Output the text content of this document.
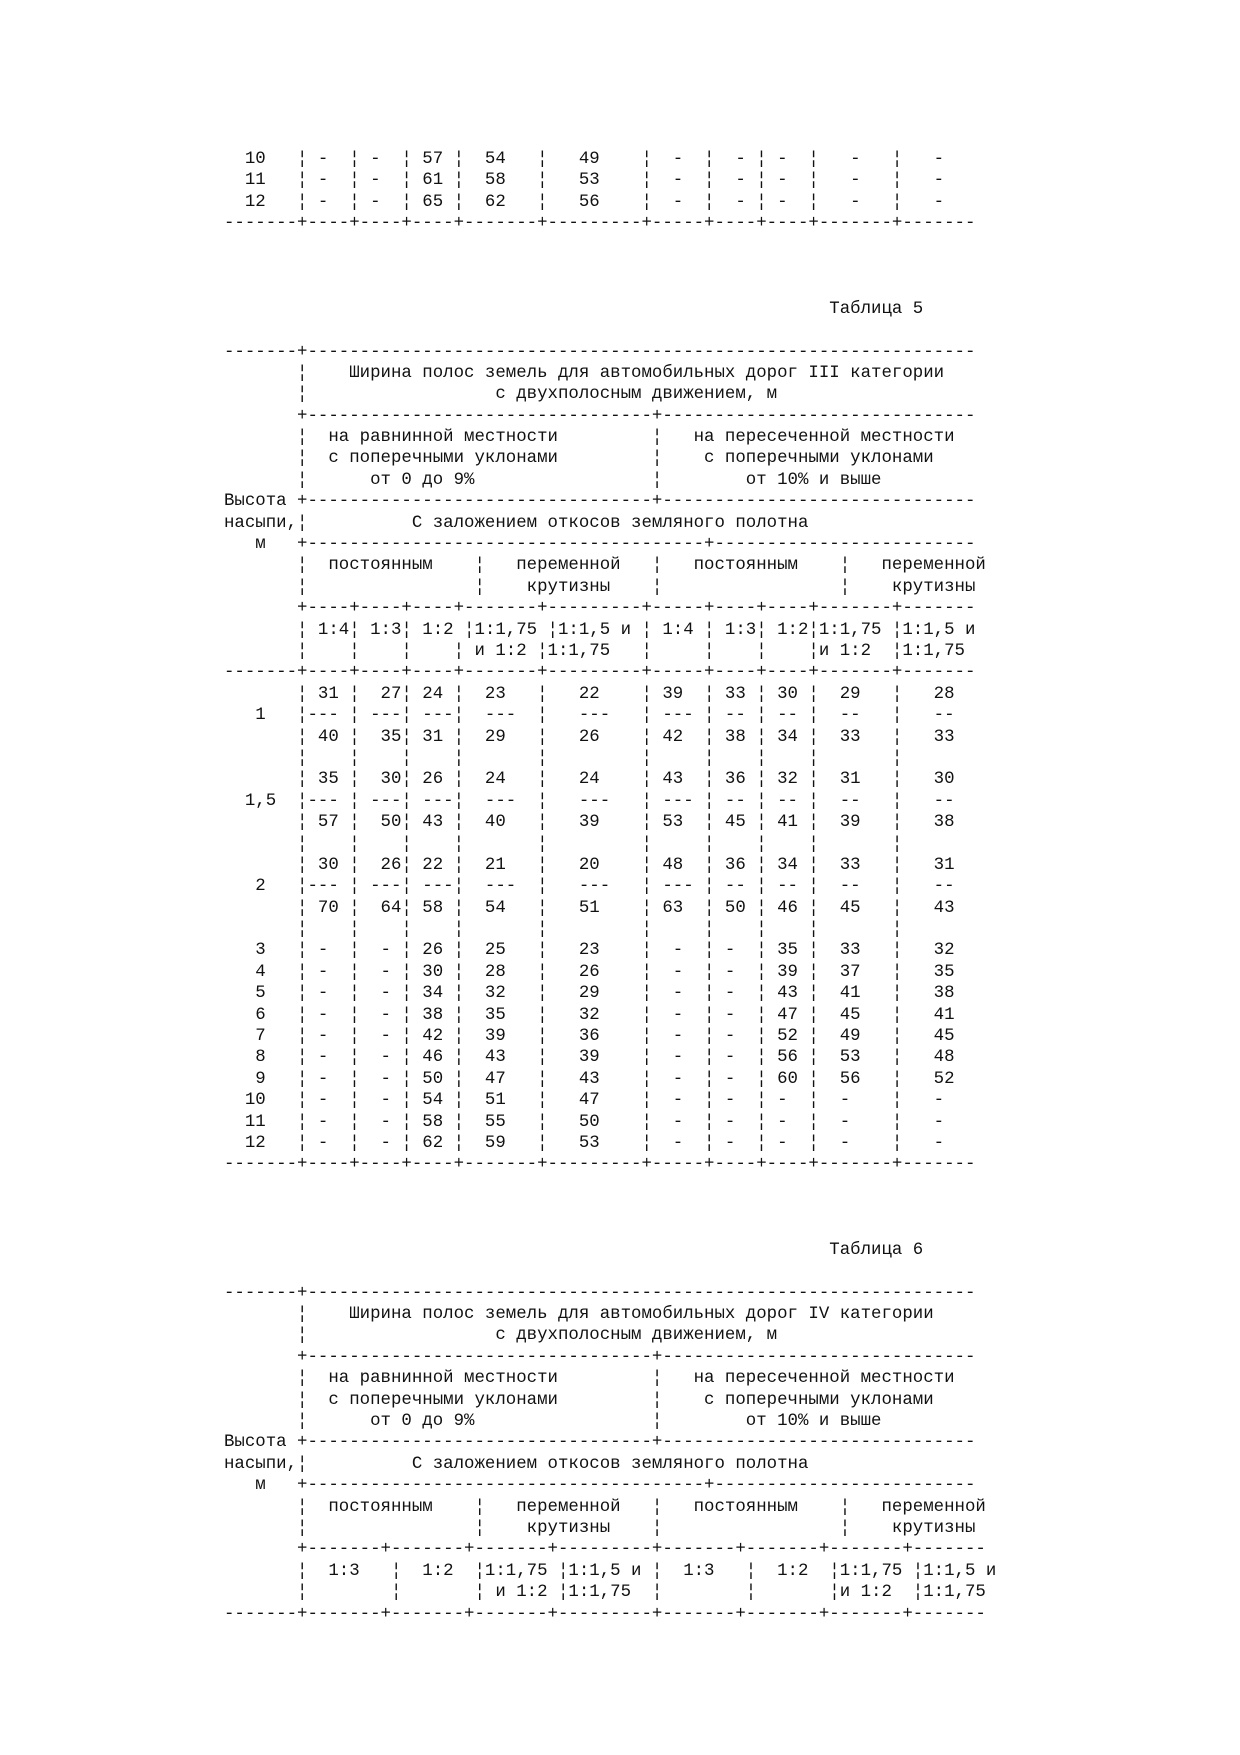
10   ¦ -  ¦ -  ¦ 57 ¦  54   ¦   49    ¦  -  ¦  - ¦ -  ¦   -   ¦   -
11   ¦ -  ¦ -  ¦ 61 ¦  58   ¦   53    ¦  -  ¦  - ¦ -  ¦   -   ¦   -
12   ¦ -  ¦ -  ¦ 65 ¦  62   ¦   56    ¦  -  ¦  - ¦ -  ¦   -   ¦   -
-------+----+----+----+-------+---------+-----+----+----+-------+-------
Таблица 5
-------+----------------------------------------------------------------
¦    Ширина полос земель для автомобильных дорог III категории
¦                  с двухполосным движением, м
+---------------------------------+------------------------------
¦  на равнинной местности         ¦   на пересеченной местности
¦  с поперечными уклонами         ¦    с поперечными уклонами
¦      от 0 до 9%                 ¦        от 10% и выше
Высота +---------------------------------+------------------------------
насыпи,¦          С заложением откосов земляного полотна
м   +--------------------------------------+-------------------------
¦  постоянным    ¦   переменной   ¦   постоянным    ¦   переменной
¦                ¦    крутизны    ¦                 ¦    крутизны
+----+----+----+-------+---------+-----+----+----+-------+-------
¦ 1:4¦ 1:3¦ 1:2 ¦1:1,75 ¦1:1,5 и ¦ 1:4 ¦ 1:3¦ 1:2¦1:1,75 ¦1:1,5 и
¦    ¦    ¦    ¦ и 1:2 ¦1:1,75   ¦     ¦    ¦    ¦и 1:2  ¦1:1,75
-------+----+----+----+-------+---------+-----+----+----+-------+-------
¦ 31 ¦  27¦ 24 ¦  23   ¦   22    ¦ 39  ¦ 33 ¦ 30 ¦  29   ¦   28
1   ¦--- ¦ ---¦ ---¦  ---  ¦   ---   ¦ --- ¦ -- ¦ -- ¦  --   ¦   --
¦ 40 ¦  35¦ 31 ¦  29   ¦   26    ¦ 42  ¦ 38 ¦ 34 ¦  33   ¦   33
¦    ¦    ¦    ¦       ¦         ¦     ¦    ¦    ¦       ¦
¦ 35 ¦  30¦ 26 ¦  24   ¦   24    ¦ 43  ¦ 36 ¦ 32 ¦  31   ¦   30
1,5  ¦--- ¦ ---¦ ---¦  ---  ¦   ---   ¦ --- ¦ -- ¦ -- ¦  --   ¦   --
¦ 57 ¦  50¦ 43 ¦  40   ¦   39    ¦ 53  ¦ 45 ¦ 41 ¦  39   ¦   38
¦    ¦    ¦    ¦       ¦         ¦     ¦    ¦    ¦       ¦
¦ 30 ¦  26¦ 22 ¦  21   ¦   20    ¦ 48  ¦ 36 ¦ 34 ¦  33   ¦   31
2   ¦--- ¦ ---¦ ---¦  ---  ¦   ---   ¦ --- ¦ -- ¦ -- ¦  --   ¦   --
¦ 70 ¦  64¦ 58 ¦  54   ¦   51    ¦ 63  ¦ 50 ¦ 46 ¦  45   ¦   43
¦    ¦    ¦    ¦       ¦         ¦     ¦    ¦    ¦       ¦
3   ¦ -  ¦  - ¦ 26 ¦  25   ¦   23    ¦  -  ¦ -  ¦ 35 ¦  33   ¦   32
4   ¦ -  ¦  - ¦ 30 ¦  28   ¦   26    ¦  -  ¦ -  ¦ 39 ¦  37   ¦   35
5   ¦ -  ¦  - ¦ 34 ¦  32   ¦   29    ¦  -  ¦ -  ¦ 43 ¦  41   ¦   38
6   ¦ -  ¦  - ¦ 38 ¦  35   ¦   32    ¦  -  ¦ -  ¦ 47 ¦  45   ¦   41
7   ¦ -  ¦  - ¦ 42 ¦  39   ¦   36    ¦  -  ¦ -  ¦ 52 ¦  49   ¦   45
8   ¦ -  ¦  - ¦ 46 ¦  43   ¦   39    ¦  -  ¦ -  ¦ 56 ¦  53   ¦   48
9   ¦ -  ¦  - ¦ 50 ¦  47   ¦   43    ¦  -  ¦ -  ¦ 60 ¦  56   ¦   52
10   ¦ -  ¦  - ¦ 54 ¦  51   ¦   47    ¦  -  ¦ -  ¦ -  ¦  -    ¦   -
11   ¦ -  ¦  - ¦ 58 ¦  55   ¦   50    ¦  -  ¦ -  ¦ -  ¦  -    ¦   -
12   ¦ -  ¦  - ¦ 62 ¦  59   ¦   53    ¦  -  ¦ -  ¦ -  ¦  -    ¦   -
-------+----+----+----+-------+---------+-----+----+----+-------+-------
Таблица 6
-------+----------------------------------------------------------------
¦    Ширина полос земель для автомобильных дорог IV категории
¦                  с двухполосным движением, м
+---------------------------------+------------------------------
¦  на равнинной местности         ¦   на пересеченной местности
¦  с поперечными уклонами         ¦    с поперечными уклонами
¦      от 0 до 9%                 ¦        от 10% и выше
Высота +---------------------------------+------------------------------
насыпи,¦          С заложением откосов земляного полотна
м   +--------------------------------------+-------------------------
¦  постоянным    ¦   переменной   ¦   постоянным    ¦   переменной
¦                ¦    крутизны    ¦                 ¦    крутизны
+-------+-------+-------+---------+-------+-------+-------+-------
¦  1:3   ¦  1:2  ¦1:1,75 ¦1:1,5 и ¦  1:3   ¦  1:2  ¦1:1,75 ¦1:1,5 и
¦        ¦       ¦ и 1:2 ¦1:1,75  ¦        ¦       ¦и 1:2  ¦1:1,75
-------+-------+-------+-------+---------+-------+-------+-------+-------
